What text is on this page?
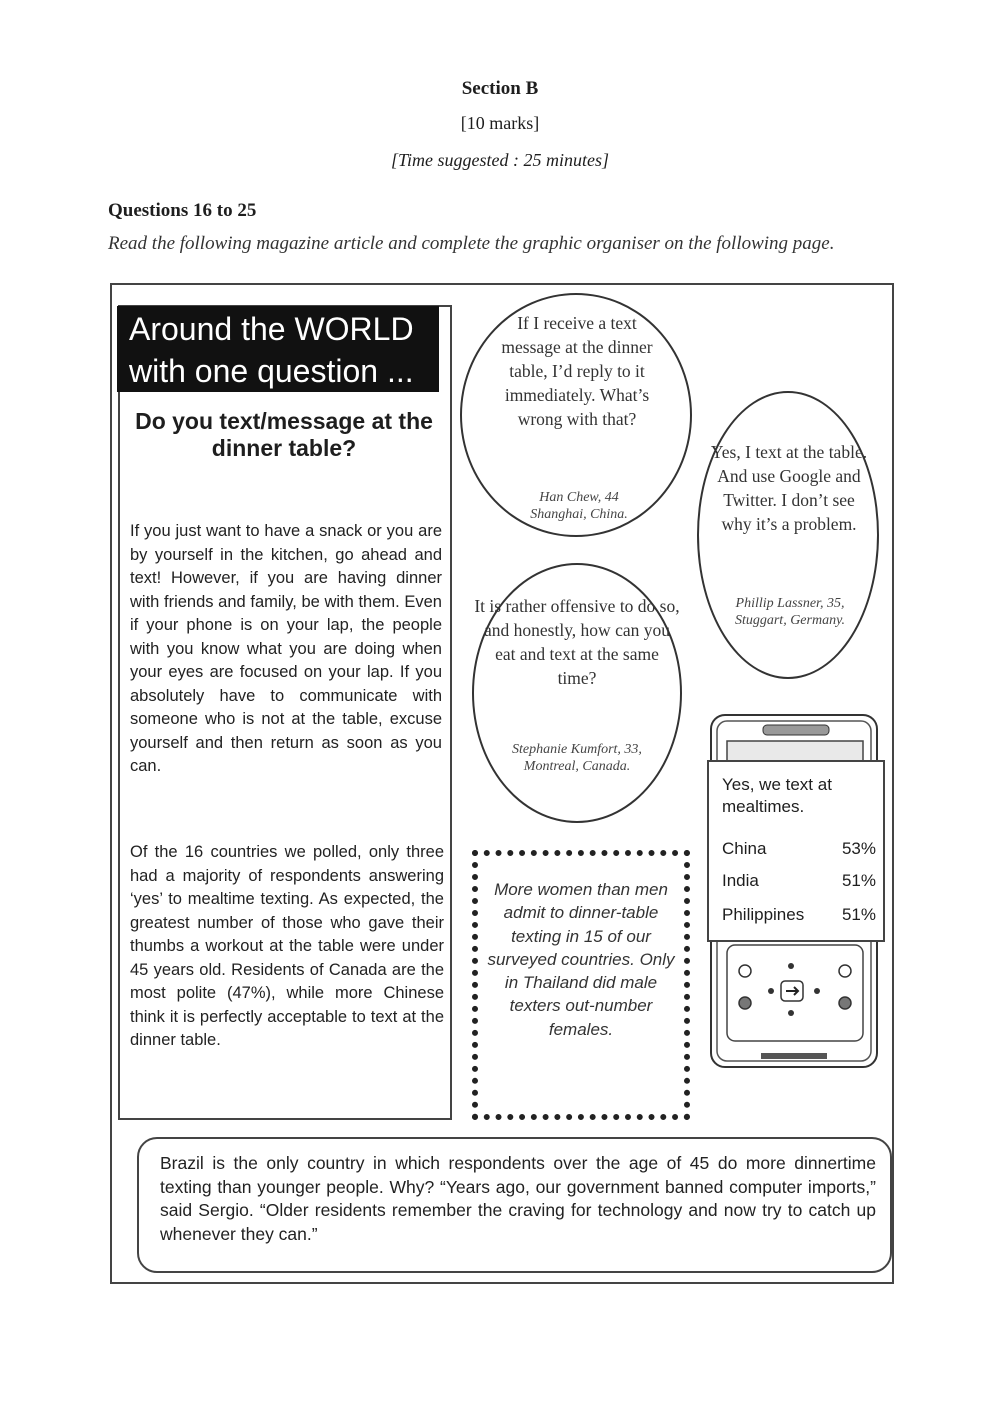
Section B
[10 marks]
[Time suggested : 25 minutes]
Questions 16 to 25
Read the following magazine article and complete the graphic organiser on the following page.
Around the WORLD
with one question ...
Do you text/message at the dinner table?
If you just want to have a snack or you are by yourself in the kitchen, go ahead and text! However, if you are having dinner with friends and family, be with them. Even if your phone is on your lap, the people with you know what you are doing when your eyes are focused on your lap. If you absolutely have to communicate with someone who is not at the table, excuse yourself and then return as soon as you can.
Of the 16 countries we polled, only three had a majority of respondents answering ‘yes’ to mealtime texting. As expected, the greatest number of those who gave their thumbs a workout at the table were under 45 years old. Residents of Canada are the most polite (47%), while more Chinese think it is perfectly acceptable to text at the dinner table.
If I receive a text message at the dinner table, I’d reply to it immediately. What’s wrong with that?
Han Chew, 44
Shanghai, China.
Yes, I text at the table. And use Google and Twitter. I don’t see why it’s a problem.
Phillip Lassner, 35,
Stuggart, Germany.
It is rather offensive to do so, and honestly, how can you eat and text at the same time?
Stephanie Kumfort, 33,
Montreal, Canada.
More women than men admit to dinner-table texting in 15 of our surveyed countries. Only in Thailand did male texters out-number females.
Yes, we text at mealtimes.
China	53%
India	51%
Philippines	51%
Brazil is the only country in which respondents over the age of 45 do more dinnertime texting than younger people. Why? “Years ago, our government banned computer imports,” said Sergio. “Older residents remember the craving for technology and now try to catch up whenever they can.”
